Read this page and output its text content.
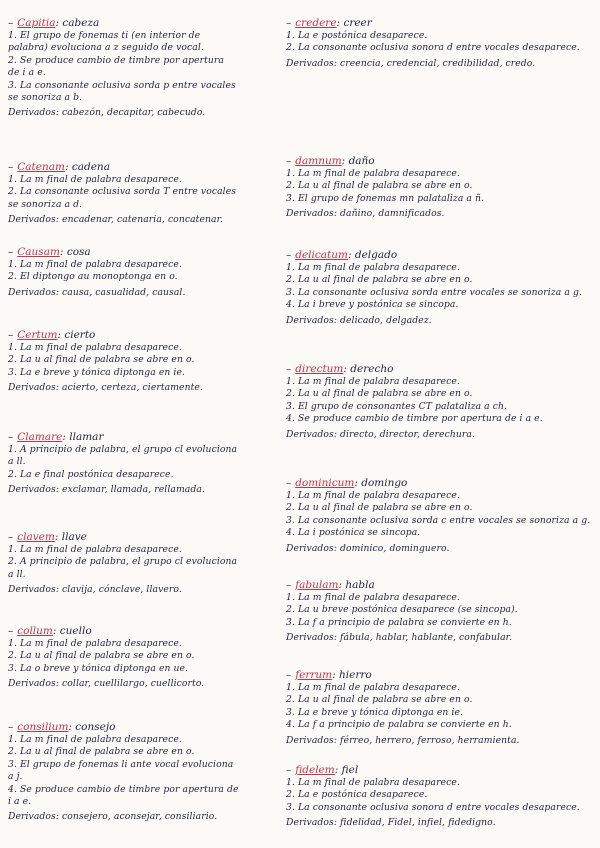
– Capitia: cabeza
1. El grupo de fonemas ti (en interior de
palabra) evoluciona a z seguido de vocal.
2. Se produce cambio de timbre por apertura
de i a e.
3. La consonante oclusiva sorda p entre vocales
se sonoriza a b.
Derivados: cabezón, decapitar, cabecudo.
– Catenam: cadena
1. La m final de palabra desaparece.
2. La consonante oclusiva sorda T entre vocales
se sonoriza a d.
Derivados: encadenar, catenaria, concatenar.
– Causam: cosa
1. La m final de palabra desaparece.
2. El diptongo au monoptonga en o.
Derivados: causa, casualidad, causal.
– Certum: cierto
1. La m final de palabra desaparece.
2. La u al final de palabra se abre en o.
3. La e breve y tónica diptonga en ie.
Derivados: acierto, certeza, ciertamente.
– Clamare: llamar
1. A principio de palabra, el grupo cl evoluciona
a ll.
2. La e final postónica desaparece.
Derivados: exclamar, llamada, rellamada.
– clavem: llave
1. La m final de palabra desaparece.
2. A principio de palabra, el grupo cl evoluciona
a ll.
Derivados: clavija, cónclave, llavero.
– collum: cuello
1. La m final de palabra desaparece.
2. La u al final de palabra se abre en o.
3. La o breve y tónica diptonga en ue.
Derivados: collar, cuellilargo, cuellicorto.
– consilium: consejo
1. La m final de palabra desaparece.
2. La u al final de palabra se abre en o.
3. El grupo de fonemas li ante vocal evoluciona
a j.
4. Se produce cambio de timbre por apertura de
i a e.
Derivados: consejero, aconsejar, consiliario.
– credere: creer
1. La e postónica desaparece.
2. La consonante oclusiva sonora d entre vocales desaparece.
Derivados: creencia, credencial, credibilidad, credo.
– damnum: daño
1. La m final de palabra desaparece.
2. La u al final de palabra se abre en o.
3. El grupo de fonemas mn palataliza a ñ.
Derivados: dañino, damnificados.
– delicatum: delgado
1. La m final de palabra desaparece.
2. La u al final de palabra se abre en o.
3. La consonante oclusiva sorda entre vocales se sonoriza a g.
4. La i breve y postónica se sincopa.
Derivados: delicado, delgadez.
– directum: derecho
1. La m final de palabra desaparece.
2. La u al final de palabra se abre en o.
3. El grupo de consonantes CT palataliza a ch.
4. Se produce cambio de timbre por apertura de i a e.
Derivados: directo, director, derechura.
– dominicum: domingo
1. La m final de palabra desaparece.
2. La u al final de palabra se abre en o.
3. La consonante oclusiva sorda c entre vocales se sonoriza a g.
4. La i postónica se sincopa.
Derivados: dominico, dominguero.
– fabulam: habla
1. La m final de palabra desaparece.
2. La u breve postónica desaparece (se sincopa).
3. La f a principio de palabra se convierte en h.
Derivados: fábula, hablar, hablante, confabular.
– ferrum: hierro
1. La m final de palabra desaparece.
2. La u al final de palabra se abre en o.
3. La e breve y tónica diptonga en ie.
4. La f a principio de palabra se convierte en h.
Derivados: férreo, herrero, ferroso, herramienta.
– fidelem: fiel
1. La m final de palabra desaparece.
2. La e postónica desaparece.
3. La consonante oclusiva sonora d entre vocales desaparece.
Derivados: fidelidad, Fidel, infiel, fidedigno.
